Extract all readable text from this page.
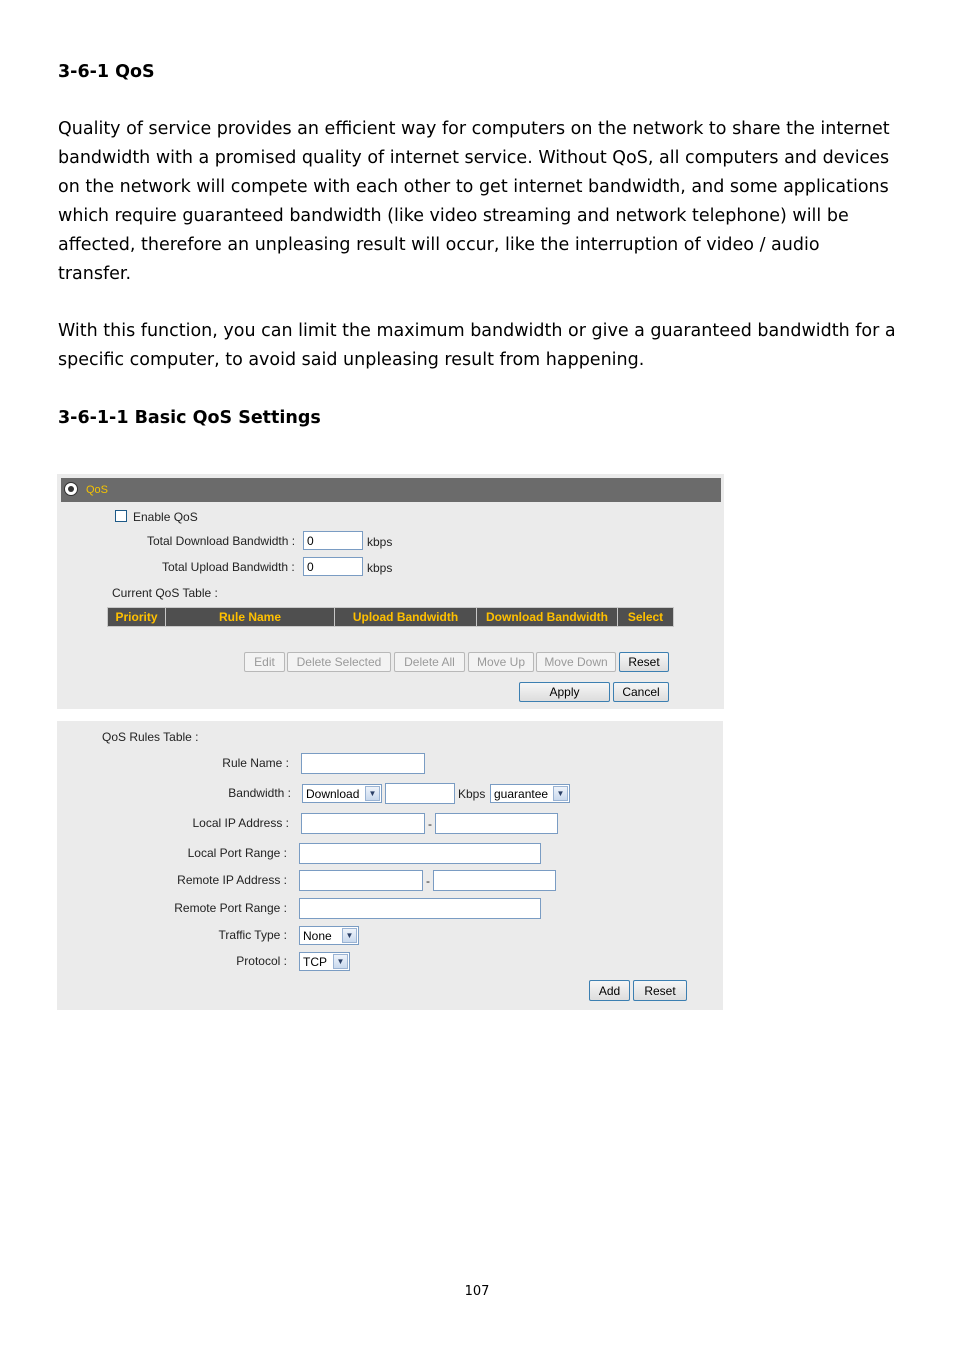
3-6-1 QoS
Quality of service provides an efficient way for computers on the network to share the internet bandwidth with a promised quality of internet service. Without QoS, all computers and devices on the network will compete with each other to get internet bandwidth, and some applications which require guaranteed bandwidth (like video streaming and network telephone) will be affected, therefore an unpleasing result will occur, like the interruption of video / audio transfer.
With this function, you can limit the maximum bandwidth or give a guaranteed bandwidth for a specific computer, to avoid said unpleasing result from happening.
3-6-1-1 Basic QoS Settings
QoS
Enable QoS
Total Download Bandwidth :
0	kbps
Total Upload Bandwidth :
0	kbps
Current QoS Table :
Priority	Rule Name	Upload Bandwidth	Download Bandwidth	Select
Edit	Delete Selected	Delete All	Move Up	Move Down	Reset
Apply	Cancel
QoS Rules Table :
Rule Name :
Bandwidth : Download	▼	Kbps guarantee	▼
Local IP Address :	-
Local Port Range :
Remote IP Address :	-
Remote Port Range :
Traffic Type : None	▼
Protocol : TCP	▼
Add	Reset
107
